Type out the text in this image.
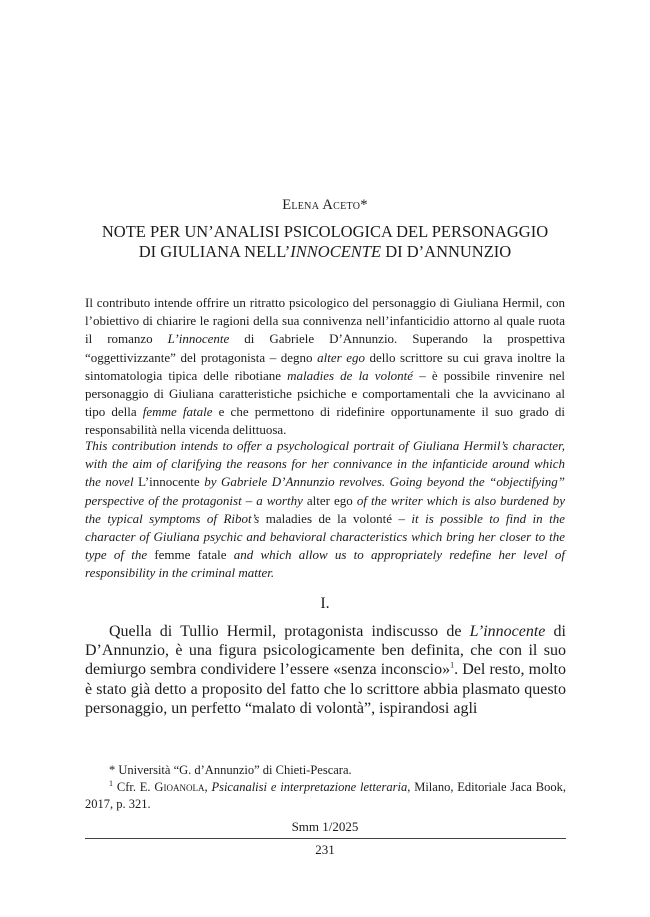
Elena Aceto*
NOTE PER UN’ANALISI PSICOLOGICA DEL PERSONAGGIO
DI GIULIANA NELL’INNOCENTE DI D’ANNUNZIO

Il contributo intende offrire un ritratto psicologico del personaggio di Giuliana Hermil, con l’obiettivo di chiarire le ragioni della sua connivenza nell’infanticidio attorno al quale ruota il romanzo L’innocente di Gabriele D’Annunzio. Superando la prospettiva “oggettivizzante” del protagonista – degno alter ego dello scrittore su cui grava inoltre la sintomatologia tipica delle ribotiane maladies de la volonté – è possibile rinvenire nel personaggio di Giuliana caratteristiche psichiche e comportamentali che la avvicinano al tipo della femme fatale e che permettono di ridefinire opportunamente il suo grado di responsabilità nella vicenda delittuosa.

This contribution intends to offer a psychological portrait of Giuliana Hermil’s character, with the aim of clarifying the reasons for her connivance in the infanticide around which the novel L’innocente by Gabriele D’Annunzio revolves. Going beyond the “objectifying” perspective of the protagonist – a worthy alter ego of the writer which is also burdened by the typical symptoms of Ribot’s maladies de la volonté – it is possible to find in the character of Giuliana psychic and behavioral characteristics which bring her closer to the type of the femme fatale and which allow us to appropriately redefine her level of responsibility in the criminal matter.

I.

Quella di Tullio Hermil, protagonista indiscusso de L’innocente di D’Annunzio, è una figura psicologicamente ben definita, che con il suo demiurgo sembra condividere l’essere «senza inconscio»$^1$. Del resto, molto è stato già detto a proposito del fatto che lo scrittore abbia plasmato questo personaggio, un perfetto “malato di volontà”, ispirandosi agli

* Università “G. d’Annunzio” di Chieti-Pescara.

$^1$ Cfr. E. Gioanola, Psicanalisi e interpretazione letteraria, Milano, Editoriale Jaca Book, 2017, p. 321.

Smm 1/2025
231
